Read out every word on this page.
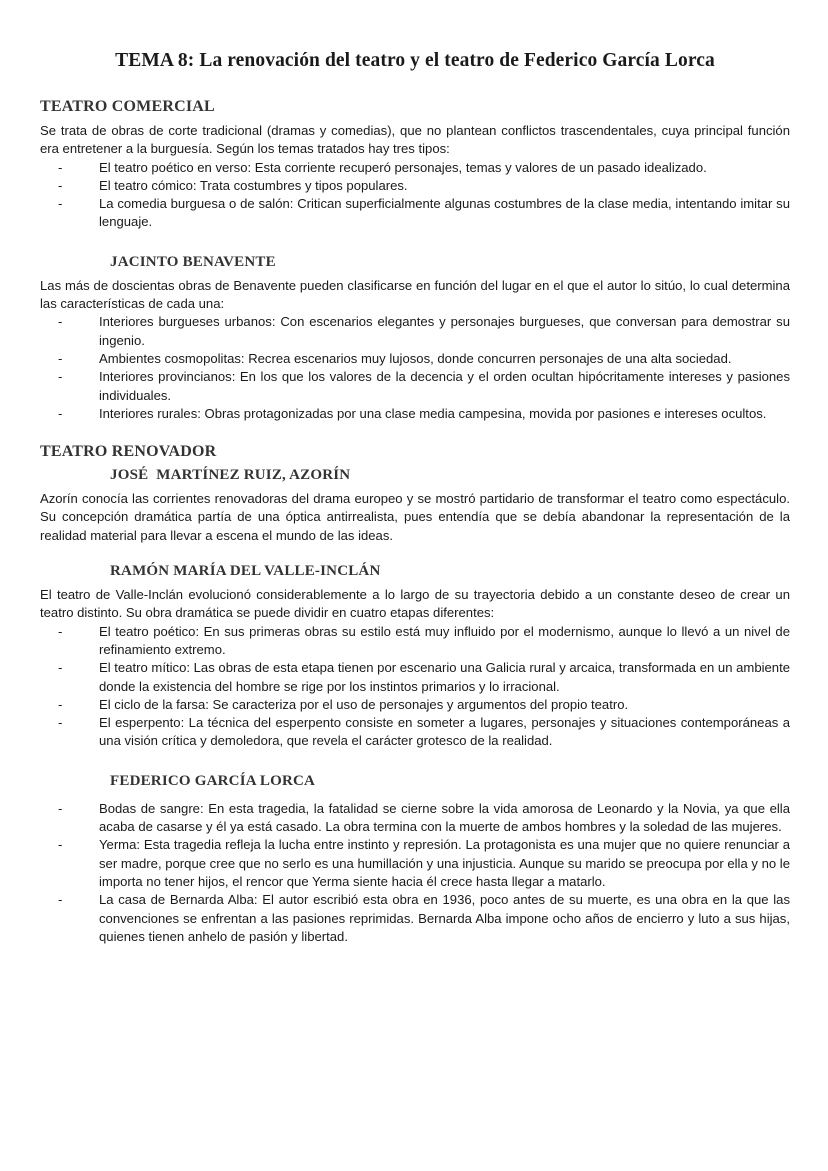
TEMA 8: La renovación del teatro y el teatro de Federico García Lorca
TEATRO COMERCIAL

Se trata de obras de corte tradicional (dramas y comedias), que no plantean conflictos trascendentales, cuya principal función era entretener a la burguesía. Según los temas tratados hay tres tipos:

-	El teatro poético en verso: Esta corriente recuperó personajes, temas y valores de un pasado idealizado.
-	El teatro cómico: Trata costumbres y tipos populares.
-	La comedia burguesa o de salón: Critican superficialmente algunas costumbres de la clase media, intentando imitar su lenguaje.
JACINTO BENAVENTE

Las más de doscientas obras de Benavente pueden clasificarse en función del lugar en el que el autor lo sitúo, lo cual determina las características de cada una:

-	Interiores burgueses urbanos: Con escenarios elegantes y personajes burgueses, que conversan para demostrar su ingenio.
-	Ambientes cosmopolitas: Recrea escenarios muy lujosos, donde concurren personajes de una alta sociedad.
-	Interiores provincianos: En los que los valores de la decencia y el orden ocultan hipócritamente intereses y pasiones individuales.
-	Interiores rurales: Obras protagonizadas por una clase media campesina, movida por pasiones e intereses ocultos.
TEATRO RENOVADOR
JOSÉ  MARTÍNEZ RUIZ, AZORÍN

Azorín conocía las corrientes renovadoras del drama europeo y se mostró partidario de transformar el teatro como espectáculo. Su concepción dramática partía de una óptica antirrealista, pues entendía que se debía abandonar la representación de la realidad material para llevar a escena el mundo de las ideas.

RAMÓN MARÍA DEL VALLE-INCLÁN

El teatro de Valle-Inclán evolucionó considerablemente a lo largo de su trayectoria debido a un constante deseo de crear un teatro distinto. Su obra dramática se puede dividir en cuatro etapas diferentes:

-	El teatro poético: En sus primeras obras su estilo está muy influido por el modernismo, aunque lo llevó a un nivel de refinamiento extremo.
-	El teatro mítico: Las obras de esta etapa tienen por escenario una Galicia rural y arcaica, transformada en un ambiente donde la existencia del hombre se rige por los instintos primarios y lo irracional.
-	El ciclo de la farsa: Se caracteriza por el uso de personajes y argumentos del propio teatro.
-	El esperpento: La técnica del esperpento consiste en someter a lugares, personajes y situaciones contemporáneas a una visión crítica y demoledora, que revela el carácter grotesco de la realidad.
FEDERICO GARCÍA LORCA
-	Bodas de sangre: En esta tragedia, la fatalidad se cierne sobre la vida amorosa de Leonardo y la Novia, ya que ella acaba de casarse y él ya está casado. La obra termina con la muerte de ambos hombres y la soledad de las mujeres.
-	Yerma: Esta tragedia refleja la lucha entre instinto y represión. La protagonista es una mujer que no quiere renunciar a ser madre, porque cree que no serlo es una humillación y una injusticia. Aunque su marido se preocupa por ella y no le importa no tener hijos, el rencor que Yerma siente hacia él crece hasta llegar a matarlo.
-	La casa de Bernarda Alba: El autor escribió esta obra en 1936, poco antes de su muerte, es una obra en la que las convenciones se enfrentan a las pasiones reprimidas. Bernarda Alba impone ocho años de encierro y luto a sus hijas, quienes tienen anhelo de pasión y libertad.
